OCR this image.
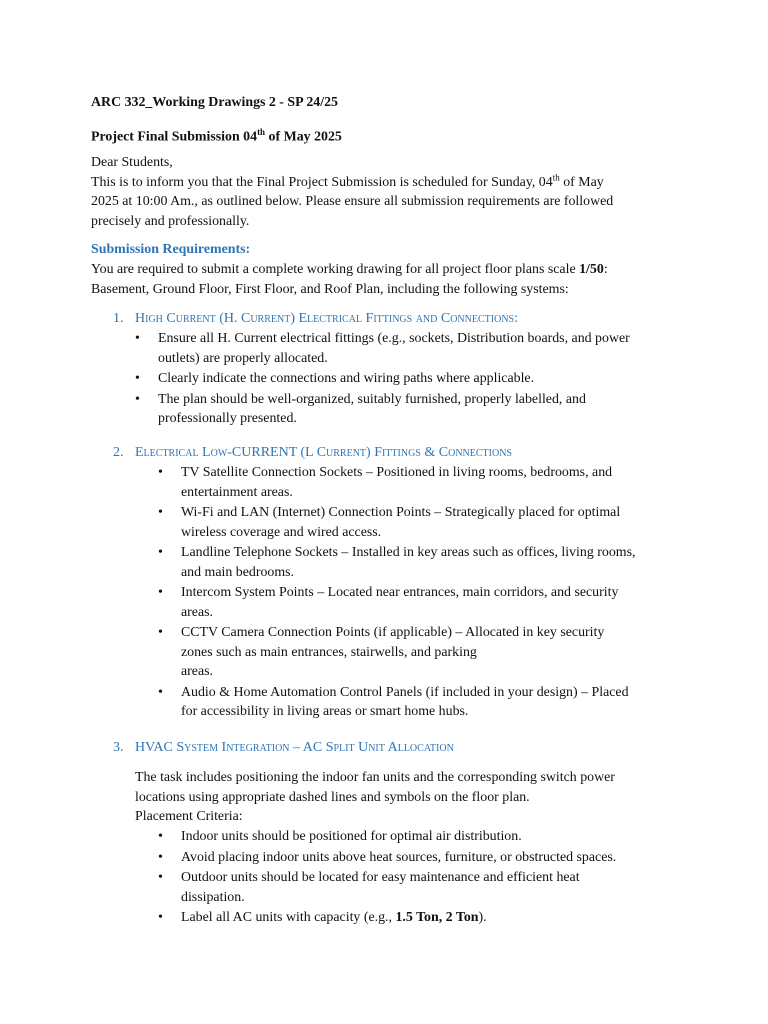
ARC 332_Working Drawings 2 - SP 24/25
Project Final Submission 04th of May 2025

Dear Students,

This is to inform you that the Final Project Submission is scheduled for Sunday, 04th of May

2025 at 10:00 Am., as outlined below. Please ensure all submission requirements are followed

precisely and professionally.

Submission Requirements:

You are required to submit a complete working drawing for all project floor plans scale 1/50:

Basement, Ground Floor, First Floor, and Roof Plan, including the following systems:

1. High Current (H. Current) Electrical Fittings and Connections:
• Ensure all H. Current electrical fittings (e.g., sockets, Distribution boards, and power
outlets) are properly allocated.
• Clearly indicate the connections and wiring paths where applicable.
• The plan should be well-organized, suitably furnished, properly labelled, and
professionally presented.
2. Electrical Low-CURRENT (L Current) Fittings & Connections
• TV Satellite Connection Sockets – Positioned in living rooms, bedrooms, and
entertainment areas.
• Wi-Fi and LAN (Internet) Connection Points – Strategically placed for optimal
wireless coverage and wired access.
• Landline Telephone Sockets – Installed in key areas such as offices, living rooms,
and main bedrooms.
• Intercom System Points – Located near entrances, main corridors, and security
areas.
• CCTV Camera Connection Points (if applicable) – Allocated in key security
zones such as main entrances, stairwells, and parking
areas.
• Audio & Home Automation Control Panels (if included in your design) – Placed
for accessibility in living areas or smart home hubs.
3. HVAC System Integration – AC Split Unit Allocation

The task includes positioning the indoor fan units and the corresponding switch power

locations using appropriate dashed lines and symbols on the floor plan.

Placement Criteria:

• Indoor units should be positioned for optimal air distribution.
• Avoid placing indoor units above heat sources, furniture, or obstructed spaces.
• Outdoor units should be located for easy maintenance and efficient heat
dissipation.
• Label all AC units with capacity (e.g., 1.5 Ton, 2 Ton).
